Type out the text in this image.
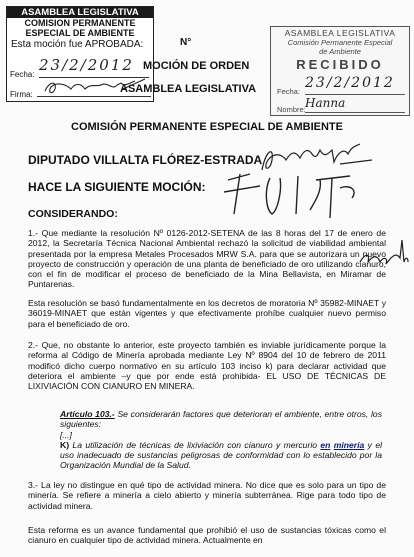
ASAMBLEA LEGISLATIVA
COMISION PERMANENTE
ESPECIAL DE AMBIENTE
Esta moción fue APROBADA:
Fecha:
23/2/2012
Firma:
ASAMBLEA LEGISLATIVA
Comisión Permanente Especial
de Ambiente
RECIBIDO
Fecha:
23/2/2012
Nombre: Hanna
N°
MOCIÓN DE ORDEN
ASAMBLEA LEGISLATIVA
COMISIÓN PERMANENTE ESPECIAL DE AMBIENTE
DIPUTADO VILLALTA FLÓREZ-ESTRADA
HACE LA SIGUIENTE MOCIÓN:
CONSIDERANDO:
1.- Que mediante la resolución Nº 0126-2012-SETENA de las 8 horas del 17 de enero de 2012, la Secretaría Técnica Nacional Ambiental rechazó la solicitud de viabilidad ambiental presentada por la empresa Metales Procesados MRW S.A. para que se autorizara un nuevo proyecto de construcción y operación de una planta de beneficiado de oro utilizando cianuro, con el fin de modificar el proceso de beneficiado de la Mina Bellavista, en Miramar de Puntarenas.
Esta resolución se basó fundamentalmente en los decretos de moratoria Nº 35982-MINAET y 36019-MINAET que están vigentes y que efectivamente prohíbe cualquier nuevo permiso para el beneficiado de oro.
2.- Que, no obstante lo anterior, este proyecto también es inviable jurídicamente porque la reforma al Código de Minería aprobada mediante Ley Nº 8904 del 10 de febrero de 2011 modificó dicho cuerpo normativo en su artículo 103 inciso k) para declarar actividad que deteriora el ambiente –y que por ende está prohibida- EL USO DE TÉCNICAS DE LIXIVIACIÓN CON CIANURO EN MINERA.
Artículo 103.- Se considerarán factores que deterioran el ambiente, entre otros, los siguientes:
[...]
K) La utilización de técnicas de lixiviación con cianuro y mercurio en minería y el uso inadecuado de sustancias peligrosas de conformidad con lo establecido por la Organización Mundial de la Salud.
3.- La ley no distingue en qué tipo de actividad minera. No dice que es solo para un tipo de minería. Se refiere a minería a cielo abierto y minería subterránea. Rige para todo tipo de actividad minera.
Esta reforma es un avance fundamental que prohibió el uso de sustancias tóxicas como el cianuro en cualquier tipo de actividad minera. Actualmente en
